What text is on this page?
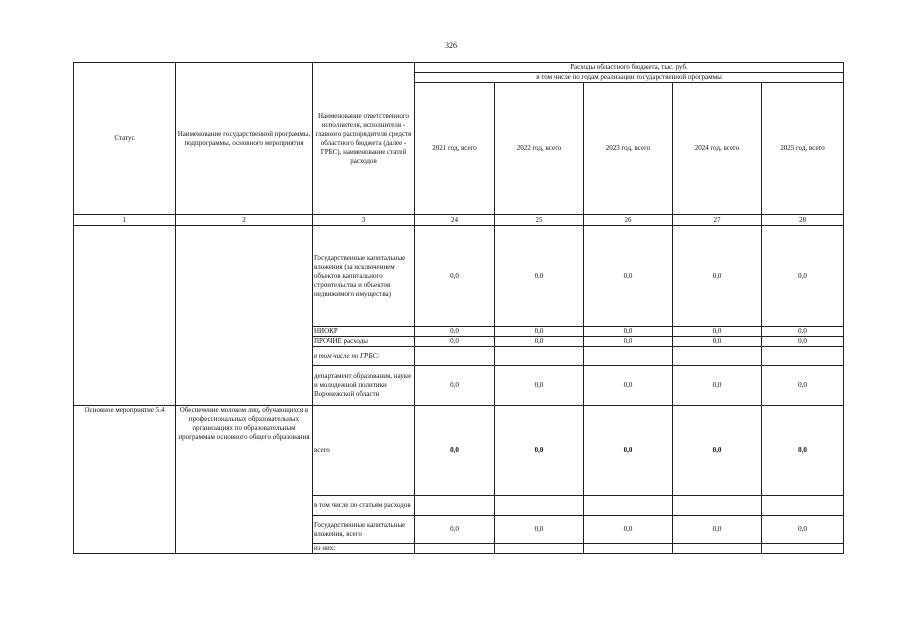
326
Статус	Наименование государственной программы, подпрограммы, основного мероприятия	Наименование ответственного исполнителя, исполнителя - главного распорядителя средств областного бюджета (далее - ГРБС), наименование статей расходов	Расходы областного бюджета, тыс. руб.				
			в том числе по годам реализации государственной программы				
			2021 год, всего	2022 год, всего	2023 год, всего	2024 год, всего	2025 год, всего
1	2	3	24	25	26	27	28
		Государственные капитальные вложения (за исключением объектов капитального строительства и объектов недвижимого имущества)	0,0	0,0	0,0	0,0	0,0
		НИОКР	0,0	0,0	0,0	0,0	0,0
		ПРОЧИЕ расходы	0,0	0,0	0,0	0,0	0,0
		в том числе по ГРБС:					
		департамент образования, науки и молодежной политики Воронежской области	0,0	0,0	0,0	0,0	0,0
Основное мероприятие 5.4	Обеспечение молоком лиц, обучающихся в профессиональных образовательных организациях по образовательным программам основного общего образования	всего	0,0	0,0	0,0	0,0	0,0
		в том числе по статьям расходов					
		Государственные капитальные вложения, всего	0,0	0,0	0,0	0,0	0,0
		из них:					
